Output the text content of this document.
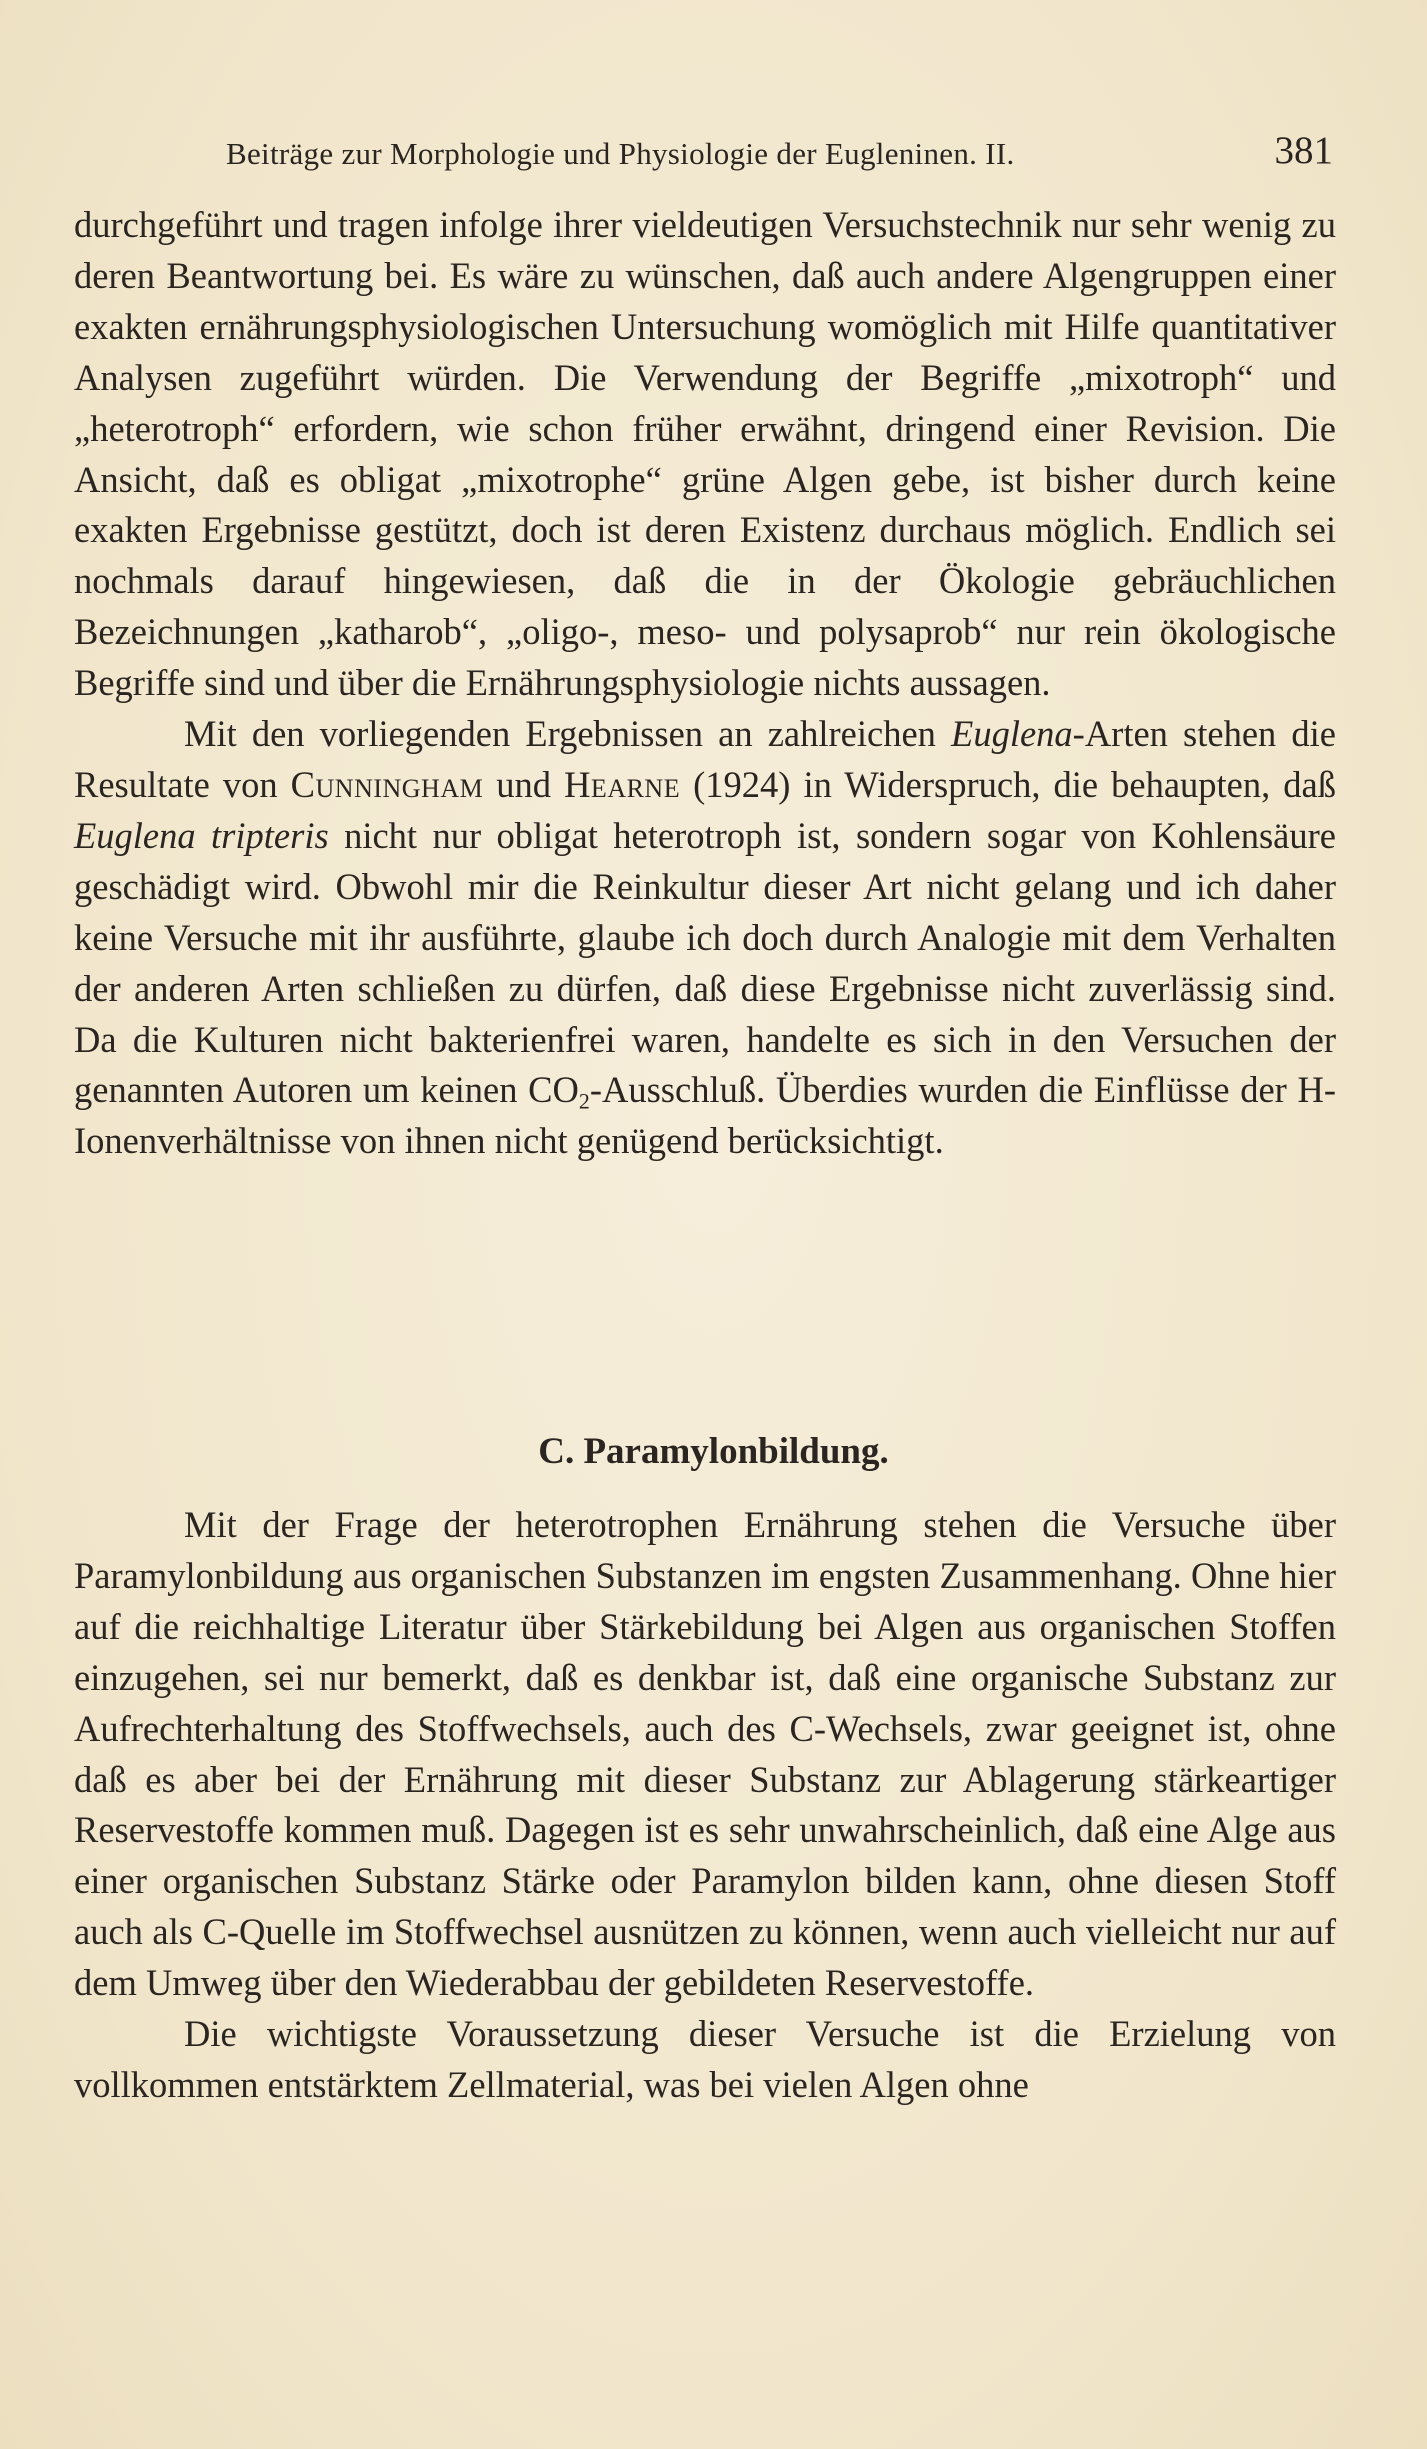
Beiträge zur Morphologie und Physiologie der Eugleninen. II.	381

durchgeführt und tragen infolge ihrer vieldeutigen Versuchstechnik nur sehr wenig zu deren Beantwortung bei. Es wäre zu wünschen, daß auch andere Algengruppen einer exakten ernährungsphysiologischen Untersuchung womöglich mit Hilfe quantitativer Analysen zugeführt würden. Die Verwendung der Begriffe „mixotroph“ und „heterotroph“ erfordern, wie schon früher erwähnt, dringend einer Revision. Die Ansicht, daß es obligat „mixotrophe“ grüne Algen gebe, ist bisher durch keine exakten Ergebnisse gestützt, doch ist deren Existenz durchaus möglich. Endlich sei nochmals darauf hingewiesen, daß die in der Ökologie gebräuchlichen Bezeichnungen „katharob“, „oligo-, meso- und polysaprob“ nur rein ökologische Begriffe sind und über die Ernährungsphysiologie nichts aussagen.

Mit den vorliegenden Ergebnissen an zahlreichen Euglena-Arten stehen die Resultate von Cunningham und Hearne (1924) in Widerspruch, die behaupten, daß Euglena tripteris nicht nur obligat heterotroph ist, sondern sogar von Kohlensäure geschädigt wird. Obwohl mir die Reinkultur dieser Art nicht gelang und ich daher keine Versuche mit ihr ausführte, glaube ich doch durch Analogie mit dem Verhalten der anderen Arten schließen zu dürfen, daß diese Ergebnisse nicht zuverlässig sind. Da die Kulturen nicht bakterienfrei waren, handelte es sich in den Versuchen der genannten Autoren um keinen $CO_2$-Ausschluß. Überdies wurden die Einflüsse der H-Ionenverhältnisse von ihnen nicht genügend berücksichtigt.

C. Paramylonbildung.

Mit der Frage der heterotrophen Ernährung stehen die Versuche über Paramylonbildung aus organischen Substanzen im engsten Zusammenhang. Ohne hier auf die reichhaltige Literatur über Stärkebildung bei Algen aus organischen Stoffen einzugehen, sei nur bemerkt, daß es denkbar ist, daß eine organische Substanz zur Aufrechterhaltung des Stoffwechsels, auch des C-Wechsels, zwar geeignet ist, ohne daß es aber bei der Ernährung mit dieser Substanz zur Ablagerung stärkeartiger Reservestoffe kommen muß. Dagegen ist es sehr unwahrscheinlich, daß eine Alge aus einer organischen Substanz Stärke oder Paramylon bilden kann, ohne diesen Stoff auch als C-Quelle im Stoffwechsel ausnützen zu können, wenn auch vielleicht nur auf dem Umweg über den Wiederabbau der gebildeten Reservestoffe.

Die wichtigste Voraussetzung dieser Versuche ist die Erzielung von vollkommen entstärktem Zellmaterial, was bei vielen Algen ohne
